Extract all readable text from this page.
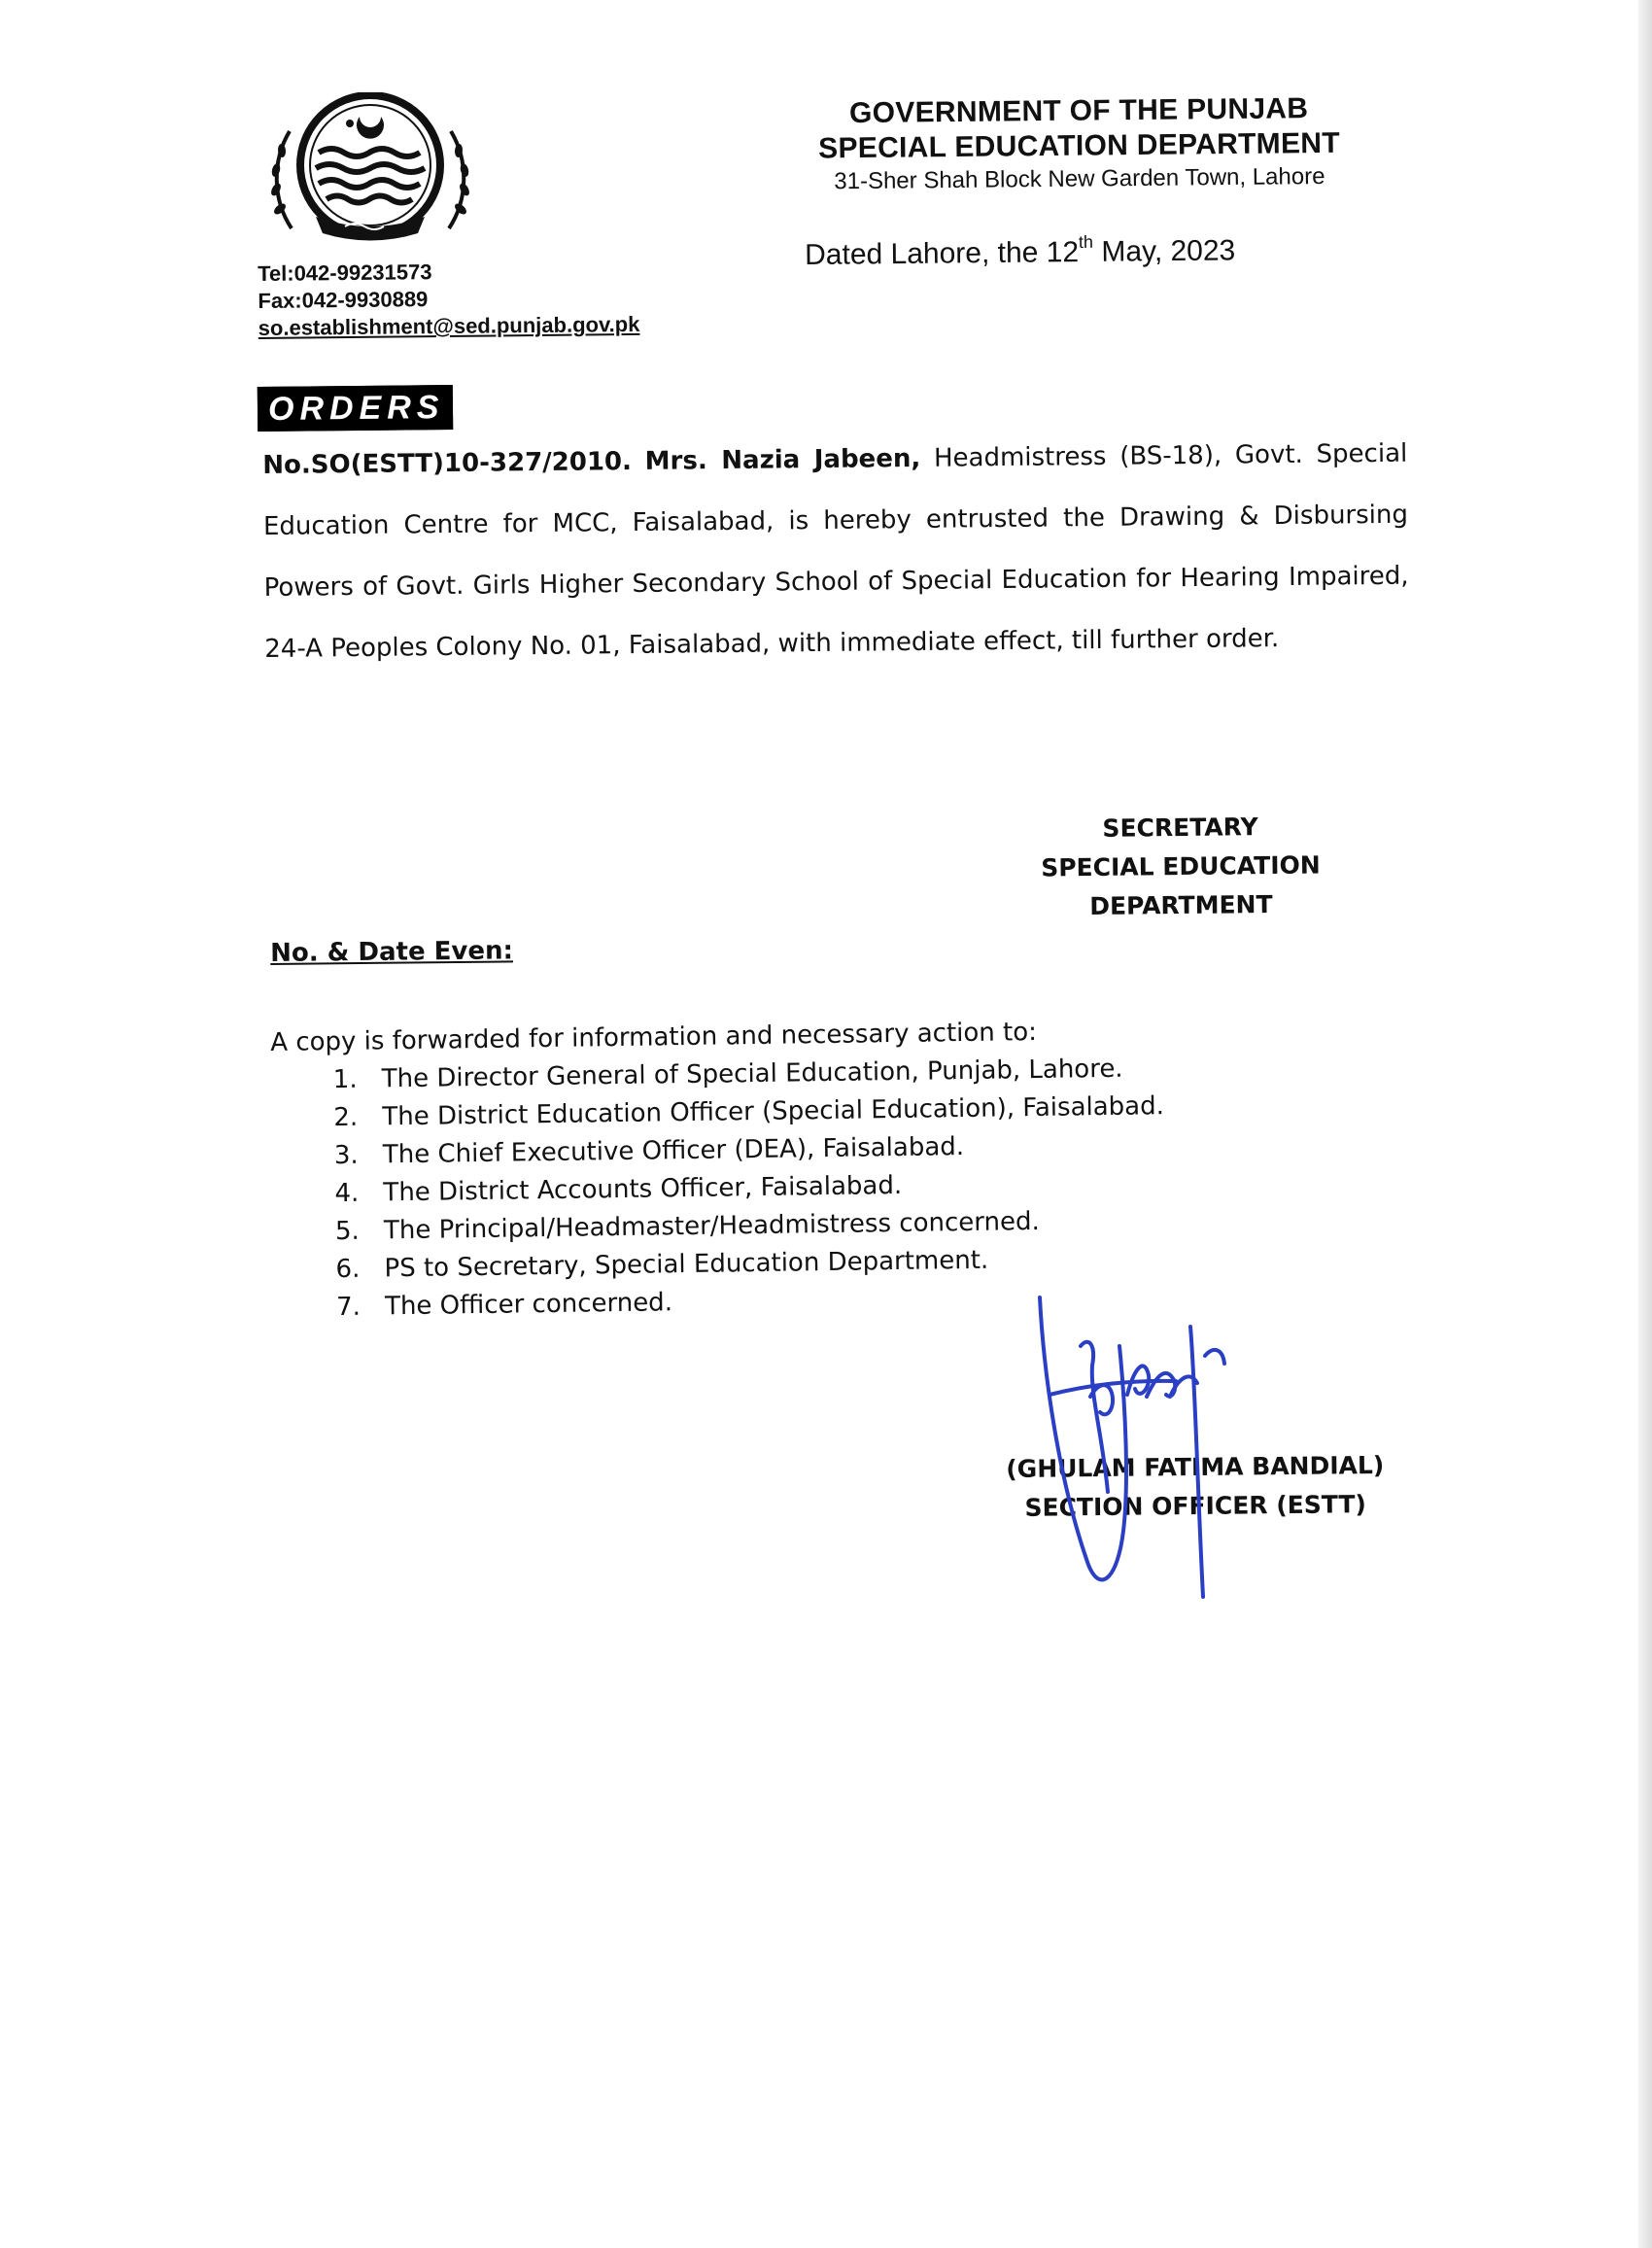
GOVERNMENT OF THE PUNJAB
SPECIAL EDUCATION DEPARTMENT
31-Sher Shah Block New Garden Town, Lahore
Dated Lahore, the 12th May, 2023
Tel:042-99231573
Fax:042-9930889
so.establishment@sed.punjab.gov.pk
ORDERS
No.SO(ESTT)10-327/2010. Mrs. Nazia Jabeen, Headmistress (BS-18), Govt. Special Education Centre for MCC, Faisalabad, is hereby entrusted the Drawing & Disbursing Powers of Govt. Girls Higher Secondary School of Special Education for Hearing Impaired, 24-A Peoples Colony No. 01, Faisalabad, with immediate effect, till further order.
SECRETARY
SPECIAL EDUCATION
DEPARTMENT
No. & Date Even:
A copy is forwarded for information and necessary action to:
1. The Director General of Special Education, Punjab, Lahore.
2. The District Education Officer (Special Education), Faisalabad.
3. The Chief Executive Officer (DEA), Faisalabad.
4. The District Accounts Officer, Faisalabad.
5. The Principal/Headmaster/Headmistress concerned.
6. PS to Secretary, Special Education Department.
7. The Officer concerned.
(GHULAM FATIMA BANDIAL)
SECTION OFFICER (ESTT)
